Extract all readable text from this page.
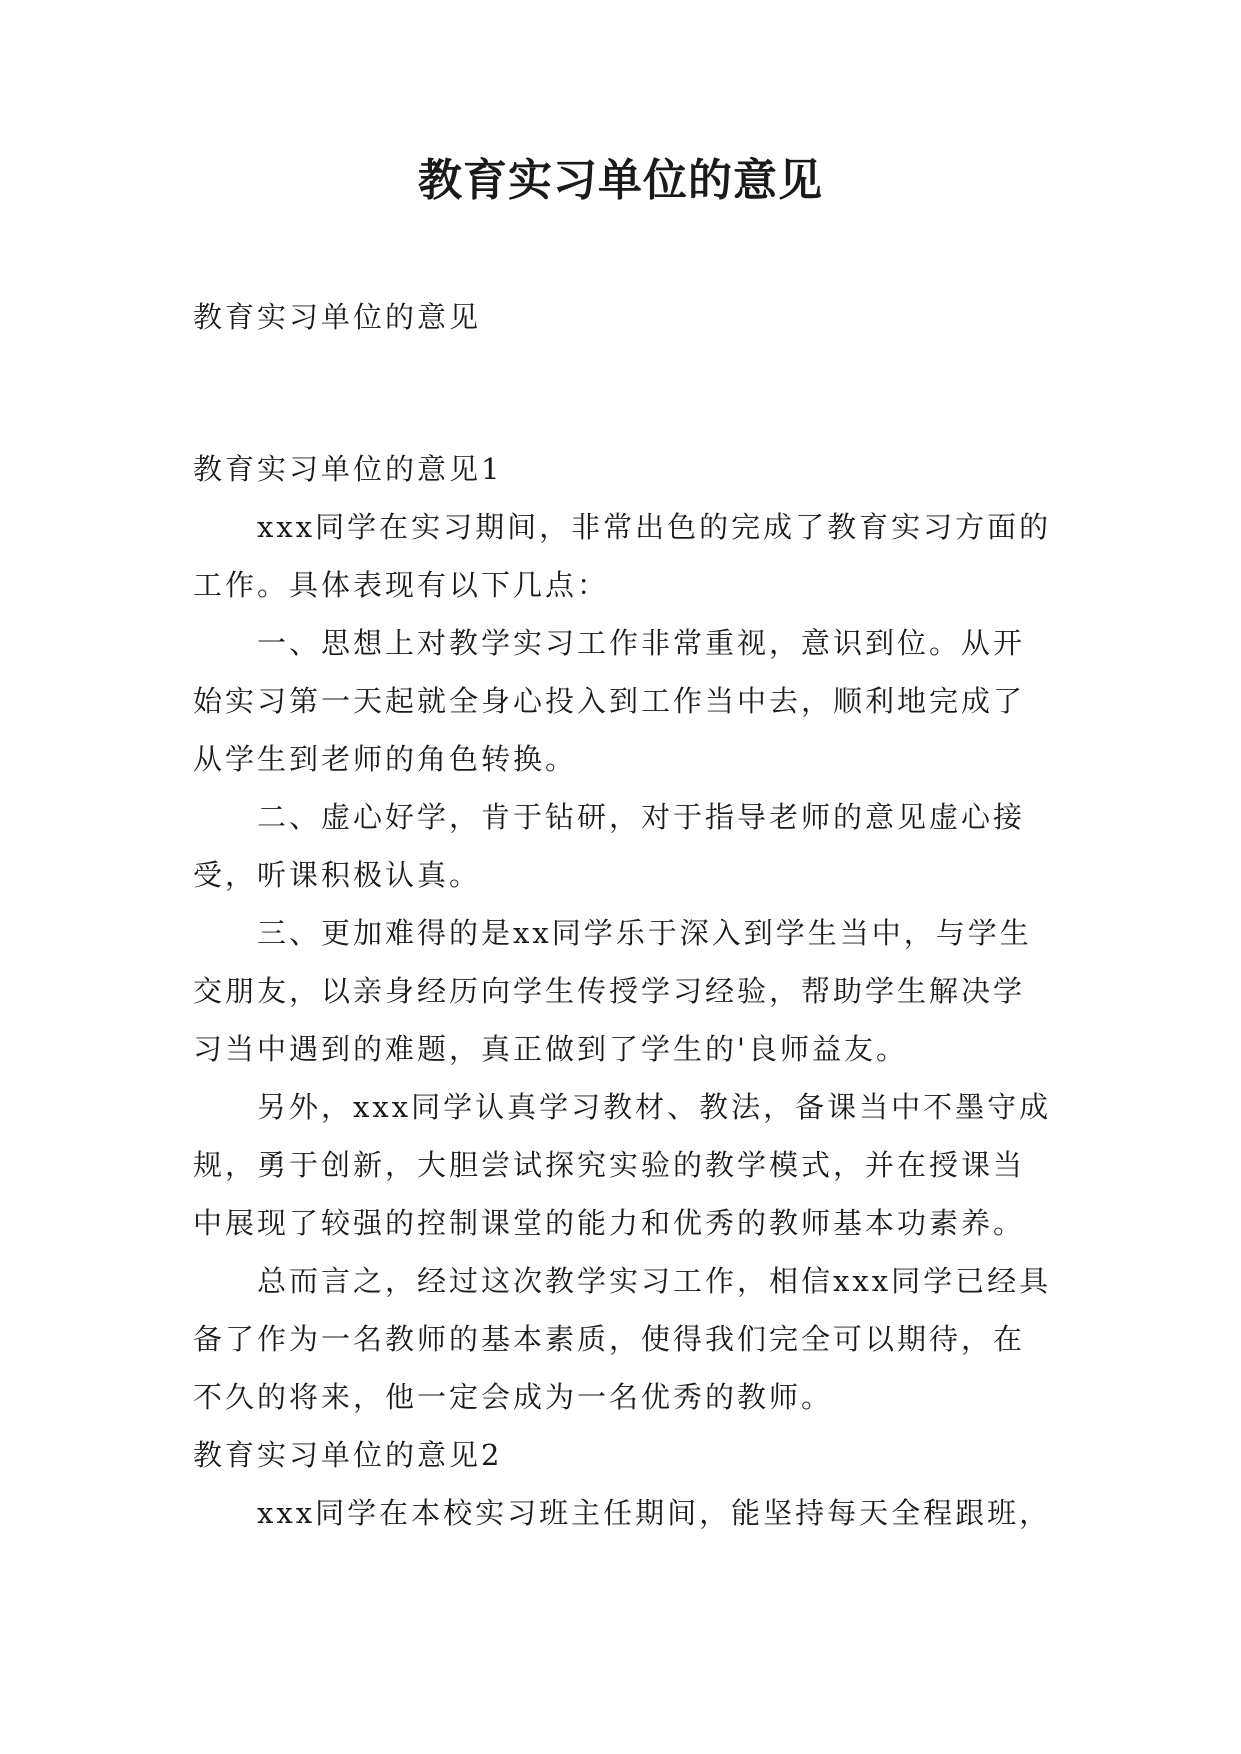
教育实习单位的意见

教育实习单位的意见

教育实习单位的意见1

xxx同学在实习期间，非常出色的完成了教育实习方面的工作。具体表现有以下几点：

一、思想上对教学实习工作非常重视，意识到位。从开始实习第一天起就全身心投入到工作当中去，顺利地完成了从学生到老师的角色转换。

二、虚心好学，肯于钻研，对于指导老师的意见虚心接受，听课积极认真。

三、更加难得的是xx同学乐于深入到学生当中，与学生交朋友，以亲身经历向学生传授学习经验，帮助学生解决学习当中遇到的难题，真正做到了学生的'良师益友。

另外，xxx同学认真学习教材、教法，备课当中不墨守成规，勇于创新，大胆尝试探究实验的教学模式，并在授课当中展现了较强的控制课堂的能力和优秀的教师基本功素养。

总而言之，经过这次教学实习工作，相信xxx同学已经具备了作为一名教师的基本素质，使得我们完全可以期待，在不久的将来，他一定会成为一名优秀的教师。

教育实习单位的意见2

xxx同学在本校实习班主任期间，能坚持每天全程跟班，
